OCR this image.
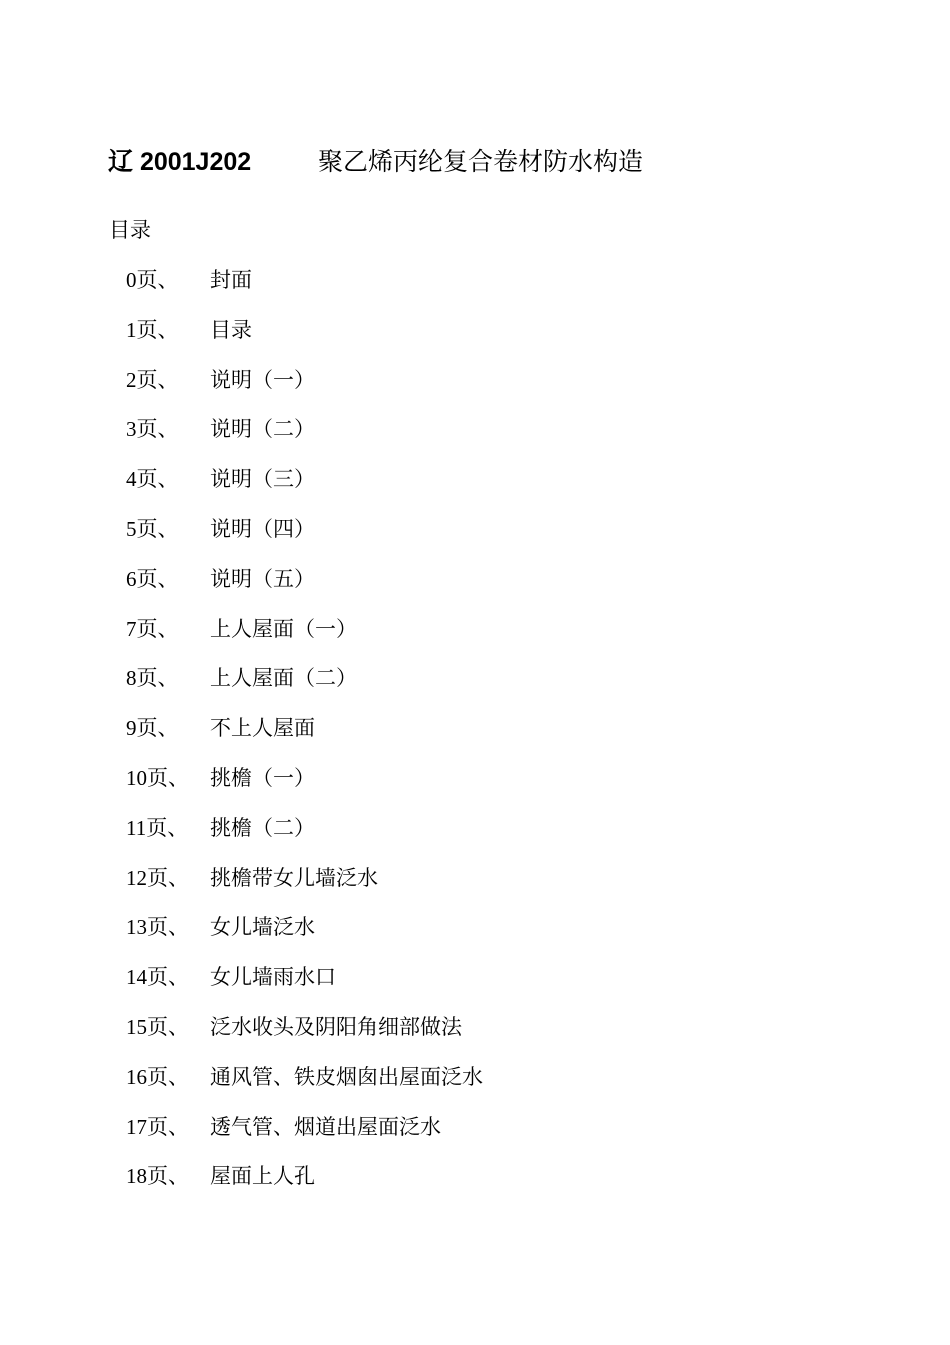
辽 2001J202	聚乙烯丙纶复合卷材防水构造
目录
0页、	封面
1页、	目录
2页、	说明（一）
3页、	说明（二）
4页、	说明（三）
5页、	说明（四）
6页、	说明（五）
7页、	上人屋面（一）
8页、	上人屋面（二）
9页、	不上人屋面
10页、	挑檐（一）
11页、	挑檐（二）
12页、	挑檐带女儿墙泛水
13页、	女儿墙泛水
14页、	女儿墙雨水口
15页、	泛水收头及阴阳角细部做法
16页、	通风管、铁皮烟囱出屋面泛水
17页、	透气管、烟道出屋面泛水
18页、	屋面上人孔
